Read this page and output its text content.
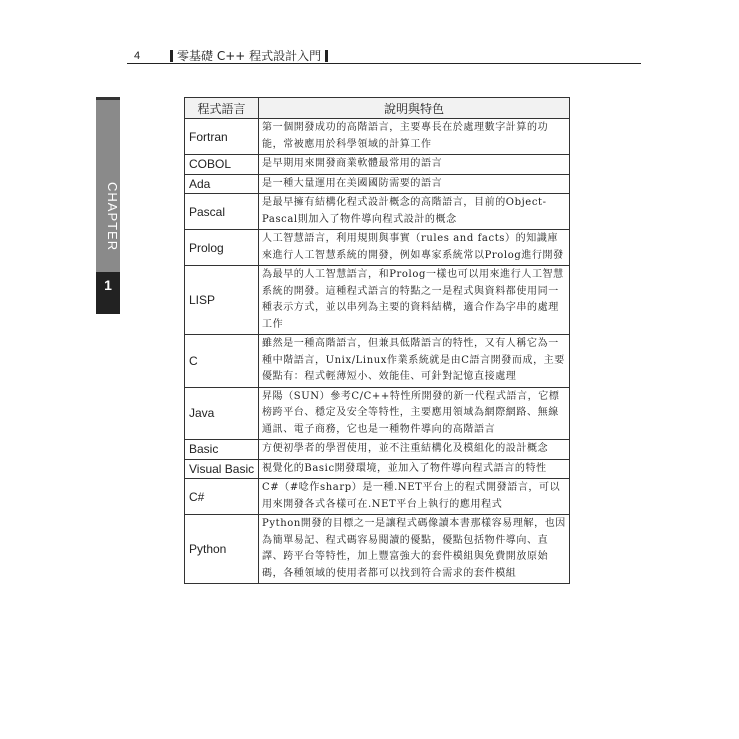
4	零基礎 C++ 程式設計入門
CHAPTER
1
程式語言	說明與特色
Fortran	第一個開發成功的高階語言，主要專長在於處理數字計算的功能，常被應用於科學領域的計算工作
COBOL	是早期用來開發商業軟體最常用的語言
Ada	是一種大量運用在美國國防需要的語言
Pascal	是最早擁有結構化程式設計概念的高階語言，目前的Object-Pascal則加入了物件導向程式設計的概念
Prolog	人工智慧語言，利用規則與事實（rules and facts）的知識庫來進行人工智慧系統的開發，例如專家系統常以Prolog進行開發
LISP	為最早的人工智慧語言，和Prolog一樣也可以用來進行人工智慧系統的開發。這種程式語言的特點之一是程式與資料都使用同一種表示方式，並以串列為主要的資料結構，適合作為字串的處理工作
C	雖然是一種高階語言，但兼具低階語言的特性，又有人稱它為一種中階語言，Unix/Linux作業系統就是由C語言開發而成，主要優點有：程式輕薄短小、效能佳、可針對記憶直接處理
Java	昇陽（SUN）參考C/C++特性所開發的新一代程式語言，它標榜跨平台、穩定及安全等特性，主要應用領域為網際網路、無線通訊、電子商務，它也是一種物件導向的高階語言
Basic	方便初學者的學習使用，並不注重結構化及模組化的設計概念
Visual Basic	視覺化的Basic開發環境，並加入了物件導向程式語言的特性
C#	C#（#唸作sharp）是一種.NET平台上的程式開發語言，可以用來開發各式各樣可在.NET平台上執行的應用程式
Python	Python開發的目標之一是讓程式碼像讀本書那樣容易理解，也因為簡單易記、程式碼容易閱讀的優點，優點包括物件導向、直譯、跨平台等特性，加上豐富強大的套件模組與免費開放原始碼，各種領域的使用者都可以找到符合需求的套件模組
